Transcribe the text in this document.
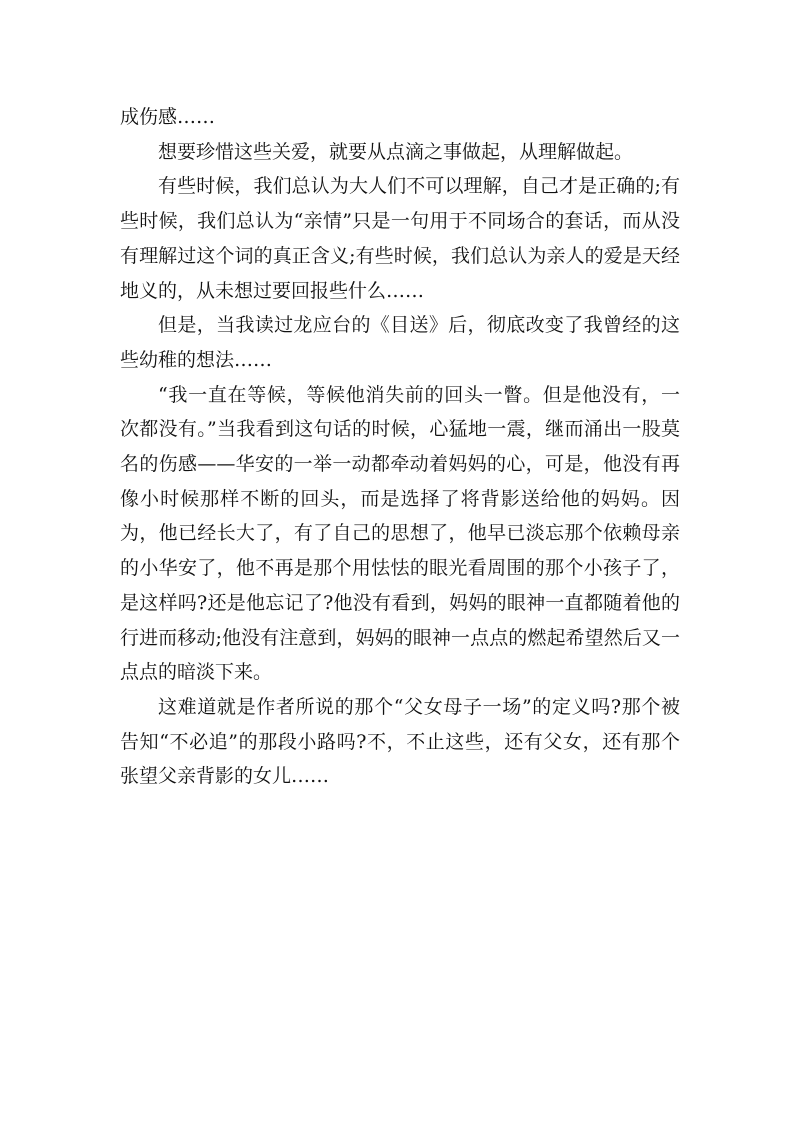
成伤感……

想要珍惜这些关爱，就要从点滴之事做起，从理解做起。

有些时候，我们总认为大人们不可以理解，自己才是正确的;有些时候，我们总认为“亲情”只是一句用于不同场合的套话，而从没有理解过这个词的真正含义;有些时候，我们总认为亲人的爱是天经地义的，从未想过要回报些什么……

但是，当我读过龙应台的《目送》后，彻底改变了我曾经的这些幼稚的想法……

“我一直在等候，等候他消失前的回头一瞥。但是他没有，一次都没有。”当我看到这句话的时候，心猛地一震，继而涌出一股莫名的伤感——华安的一举一动都牵动着妈妈的心，可是，他没有再像小时候那样不断的回头，而是选择了将背影送给他的妈妈。因为，他已经长大了，有了自己的思想了，他早已淡忘那个依赖母亲的小华安了，他不再是那个用怯怯的眼光看周围的那个小孩子了，是这样吗?还是他忘记了?他没有看到，妈妈的眼神一直都随着他的行进而移动;他没有注意到，妈妈的眼神一点点的燃起希望然后又一点点的暗淡下来。

这难道就是作者所说的那个“父女母子一场”的定义吗?那个被告知“不必追”的那段小路吗?不，不止这些，还有父女，还有那个张望父亲背影的女儿……
